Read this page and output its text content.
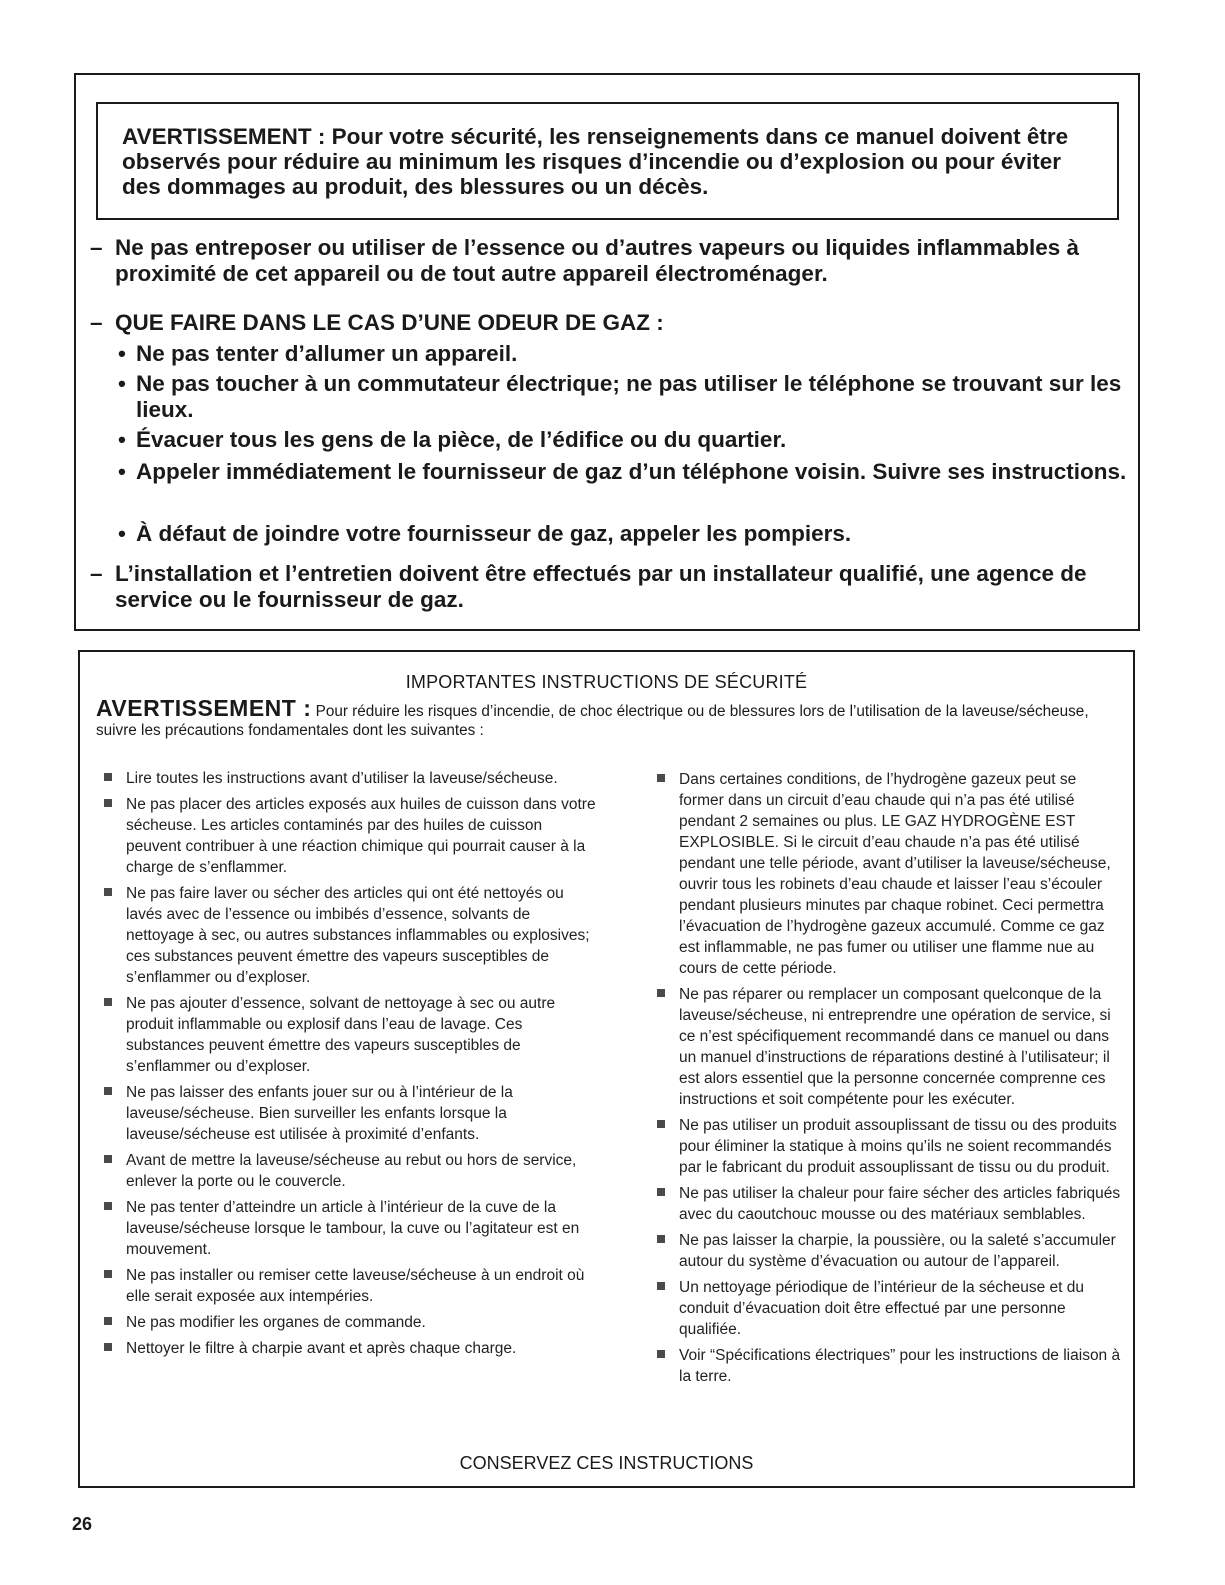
AVERTISSEMENT : Pour votre sécurité, les renseignements dans ce manuel doivent être observés pour réduire au minimum les risques d’incendie ou d’explosion ou pour éviter des dommages au produit, des blessures ou un décès.

– Ne pas entreposer ou utiliser de l’essence ou d’autres vapeurs ou liquides inflammables à proximité de cet appareil ou de tout autre appareil électroménager.
– QUE FAIRE DANS LE CAS D’UNE ODEUR DE GAZ :
• Ne pas tenter d’allumer un appareil.
• Ne pas toucher à un commutateur électrique; ne pas utiliser le téléphone se trouvant sur les lieux.
• Évacuer tous les gens de la pièce, de l’édifice ou du quartier.
• Appeler immédiatement le fournisseur de gaz d’un téléphone voisin. Suivre ses instructions.
• À défaut de joindre votre fournisseur de gaz, appeler les pompiers.
– L’installation et l’entretien doivent être effectués par un installateur qualifié, une agence de service ou le fournisseur de gaz.
IMPORTANTES INSTRUCTIONS DE SÉCURITÉ
AVERTISSEMENT : Pour réduire les risques d’incendie, de choc électrique ou de blessures lors de l’utilisation de la laveuse/sécheuse, suivre les précautions fondamentales dont les suivantes :
Lire toutes les instructions avant d’utiliser la laveuse/sécheuse.
Ne pas placer des articles exposés aux huiles de cuisson dans votre sécheuse. Les articles contaminés par des huiles de cuisson peuvent contribuer à une réaction chimique qui pourrait causer à la charge de s’enflammer.
Ne pas faire laver ou sécher des articles qui ont été nettoyés ou lavés avec de l’essence ou imbibés d’essence, solvants de nettoyage à sec, ou autres substances inflammables ou explosives; ces substances peuvent émettre des vapeurs susceptibles de s’enflammer ou d’exploser.
Ne pas ajouter d’essence, solvant de nettoyage à sec ou autre produit inflammable ou explosif dans l’eau de lavage. Ces substances peuvent émettre des vapeurs susceptibles de s’enflammer ou d’exploser.
Ne pas laisser des enfants jouer sur ou à l’intérieur de la laveuse/sécheuse. Bien surveiller les enfants lorsque la laveuse/sécheuse est utilisée à proximité d’enfants.
Avant de mettre la laveuse/sécheuse au rebut ou hors de service, enlever la porte ou le couvercle.
Ne pas tenter d’atteindre un article à l’intérieur de la cuve de la laveuse/sécheuse lorsque le tambour, la cuve ou l’agitateur est en mouvement.
Ne pas installer ou remiser cette laveuse/sécheuse à un endroit où elle serait exposée aux intempéries.
Ne pas modifier les organes de commande.
Nettoyer le filtre à charpie avant et après chaque charge.
Dans certaines conditions, de l’hydrogène gazeux peut se former dans un circuit d’eau chaude qui n’a pas été utilisé pendant 2 semaines ou plus. LE GAZ HYDROGÈNE EST EXPLOSIBLE. Si le circuit d’eau chaude n’a pas été utilisé pendant une telle période, avant d’utiliser la laveuse/sécheuse, ouvrir tous les robinets d’eau chaude et laisser l’eau s’écouler pendant plusieurs minutes par chaque robinet. Ceci permettra l’évacuation de l’hydrogène gazeux accumulé. Comme ce gaz est inflammable, ne pas fumer ou utiliser une flamme nue au cours de cette période.
Ne pas réparer ou remplacer un composant quelconque de la laveuse/sécheuse, ni entreprendre une opération de service, si ce n’est spécifiquement recommandé dans ce manuel ou dans un manuel d’instructions de réparations destiné à l’utilisateur; il est alors essentiel que la personne concernée comprenne ces instructions et soit compétente pour les exécuter.
Ne pas utiliser un produit assouplissant de tissu ou des produits pour éliminer la statique à moins qu’ils ne soient recommandés par le fabricant du produit assouplissant de tissu ou du produit.
Ne pas utiliser la chaleur pour faire sécher des articles fabriqués avec du caoutchouc mousse ou des matériaux semblables.
Ne pas laisser la charpie, la poussière, ou la saleté s’accumuler autour du système d’évacuation ou autour de l’appareil.
Un nettoyage périodique de l’intérieur de la sécheuse et du conduit d’évacuation doit être effectué par une personne qualifiée.
Voir “Spécifications électriques” pour les instructions de liaison à la terre.
CONSERVEZ CES INSTRUCTIONS
26
